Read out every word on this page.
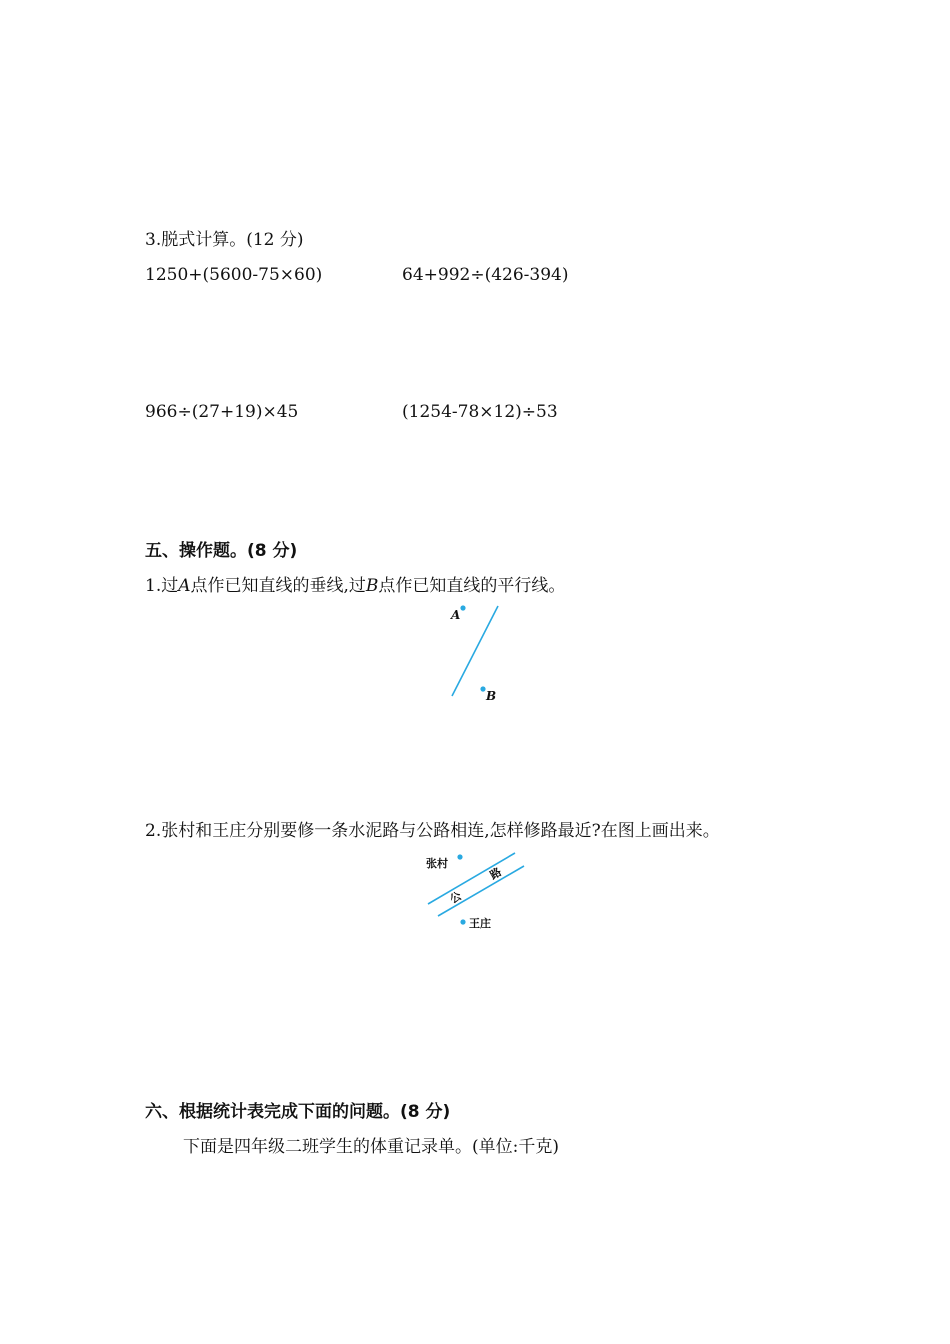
3.脱式计算。(12 分)
1250+(5600-75×60)	64+992÷(426-394)
966÷(27+19)×45	(1254-78×12)÷53
五、操作题。(8 分)
1.过A点作已知直线的垂线,过B点作已知直线的平行线。
A
B
张村
王庄
公
路
2.张村和王庄分别要修一条水泥路与公路相连,怎样修路最近?在图上画出来。
六、根据统计表完成下面的问题。(8 分)
下面是四年级二班学生的体重记录单。(单位:千克)
